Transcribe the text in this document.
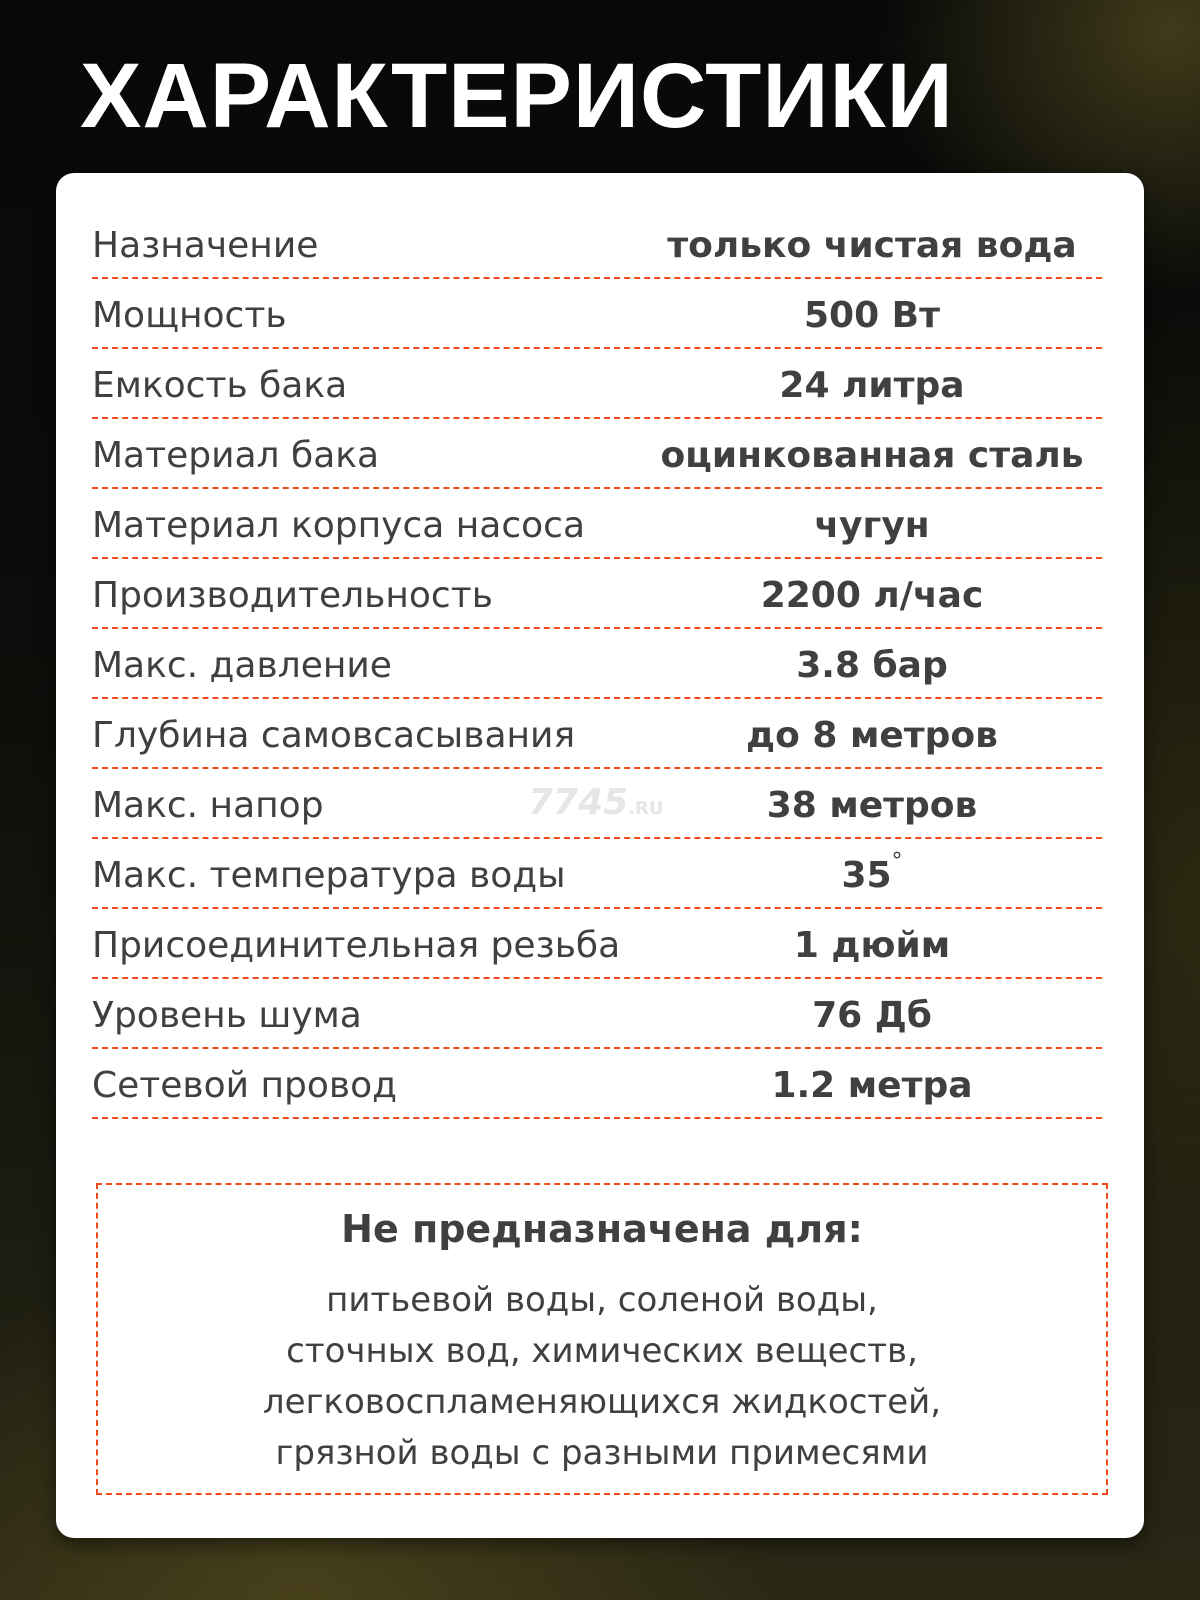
ХАРАКТЕРИСТИКИ
Назначение	только чистая вода
Мощность	500 Вт
Емкость бака	24 литра
Материал бака	оцинкованная сталь
Материал корпуса насоса	чугун
Производительность	2200 л/час
Макс. давление	3.8 бар
Глубина самовсасывания	до 8 метров
Макс. напор	38 метров
Макс. температура воды	35°
Присоединительная резьба	1 дюйм
Уровень шума	76 Дб
Сетевой провод	1.2 метра
Не предназначена для:
питьевой воды, соленой воды,
сточных вод, химических веществ,
легковоспламеняющихся жидкостей,
грязной воды с разными примесями
7745.RU
